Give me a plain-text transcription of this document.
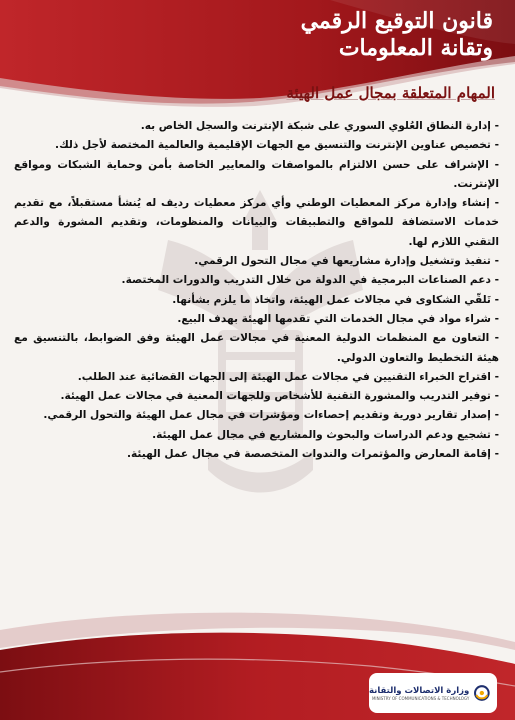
قانون التوقيع الرقمي
وتقانة المعلومات
المهام المتعلقة بمجال عمل الهيئة

- إدارة النطاق العُلوي السوري على شبكة الإنترنت والسجل الخاص به.

- تخصيص عناوين الإنترنت والتنسيق مع الجهات الإقليمية والعالمية المختصة لأجل ذلك.

- الإشراف على حسن الالتزام بالمواصفات والمعايير الخاصة بأمن وحماية الشبكات ومواقع الإنترنت.

- إنشاء وإدارة مركز المعطيات الوطني وأي مركز معطيات رديف له يُنشأ مستقبلاً، مع تقديم خدمات الاستضافة للمواقع والتطبيقات والبيانات والمنظومات، وتقديم المشورة والدعم التقني اللازم لها.

- تنفيذ وتشغيل وإدارة مشاريعها في مجال التحول الرقمي.

- دعم الصناعات البرمجية في الدولة من خلال التدريب والدورات المختصة.

- تَلقّي الشكاوى في مجالات عمل الهيئة، واتخاذ ما يلزم بشأنها.

- شراء مواد في مجال الخدمات التي تقدمها الهيئة بهدف البيع.

- التعاون مع المنظمات الدولية المعنية في مجالات عمل الهيئة وفق الضوابط، بالتنسيق مع هيئة التخطيط والتعاون الدولي.

- اقتراح الخبراء التقنيين في مجالات عمل الهيئة إلى الجهات القضائية عند الطلب.

- توفير التدريب والمشورة التقنية للأشخاص وللجهات المعنية في مجالات عمل الهيئة.

- إصدار تقارير دورية وتقديم إحصاءات ومؤشرات في مجال عمل الهيئة والتحول الرقمي.

- تشجيع ودعم الدراسات والبحوث والمشاريع في مجال عمل الهيئة.

- إقامة المعارض والمؤتمرات والندوات المتخصصة في مجال عمل الهيئة.

وزارة الاتصالات والتقانة
MINISTRY OF COMMUNICATIONS & TECHNOLOGY
